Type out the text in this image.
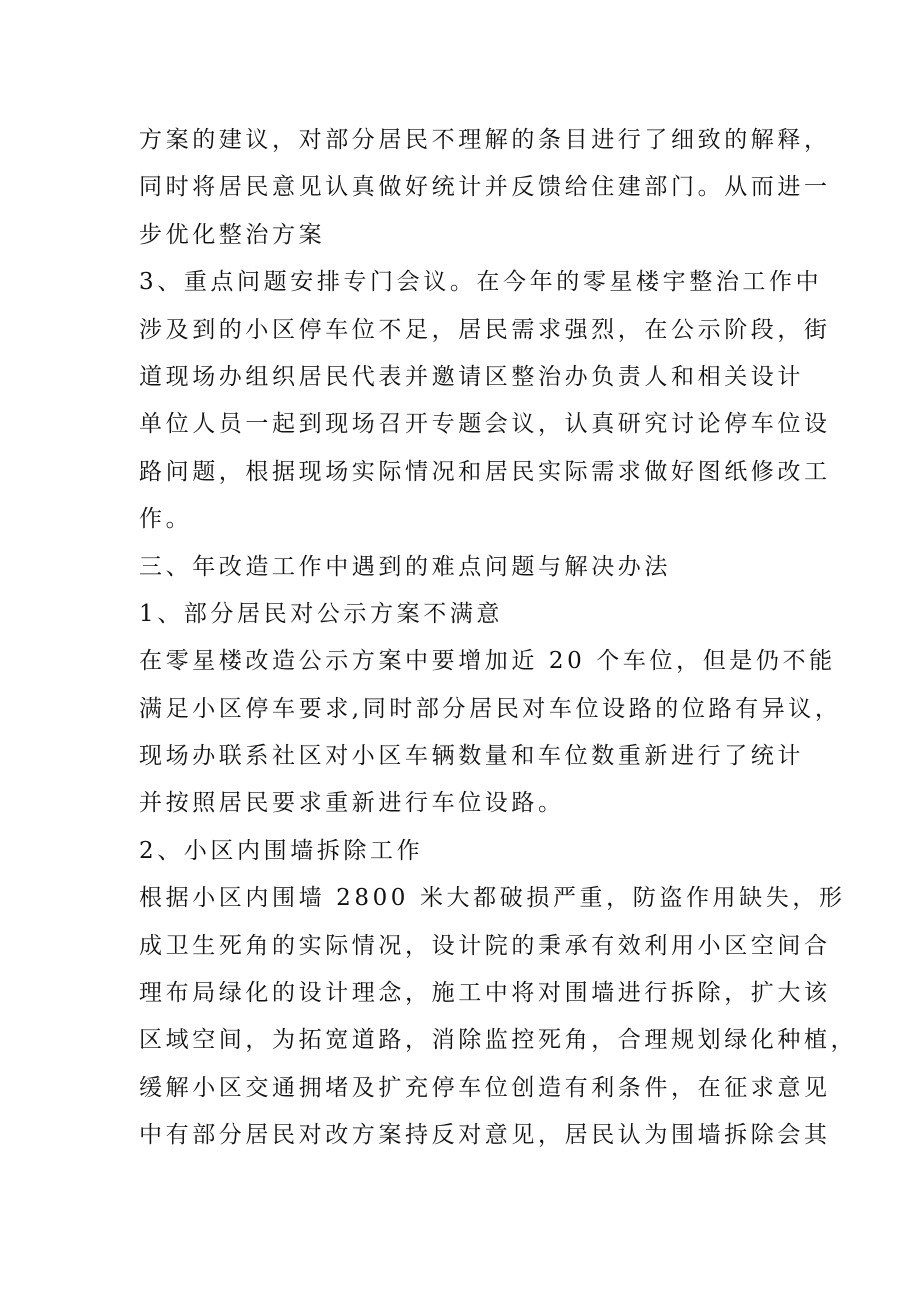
方案的建议，对部分居民不理解的条目进行了细致的解释，
同时将居民意见认真做好统计并反馈给住建部门。从而进一
步优化整治方案
3、重点问题安排专门会议。在今年的零星楼宇整治工作中
涉及到的小区停车位不足，居民需求强烈，在公示阶段，街
道现场办组织居民代表并邀请区整治办负责人和相关设计
单位人员一起到现场召开专题会议，认真研究讨论停车位设
路问题，根据现场实际情况和居民实际需求做好图纸修改工
作。
三、年改造工作中遇到的难点问题与解决办法
1、部分居民对公示方案不满意
在零星楼改造公示方案中要增加近 20 个车位，但是仍不能
满足小区停车要求,同时部分居民对车位设路的位路有异议，
现场办联系社区对小区车辆数量和车位数重新进行了统计
并按照居民要求重新进行车位设路。
2、小区内围墙拆除工作
根据小区内围墙 2800 米大都破损严重，防盗作用缺失，形
成卫生死角的实际情况，设计院的秉承有效利用小区空间合
理布局绿化的设计理念，施工中将对围墙进行拆除，扩大该
区域空间，为拓宽道路，消除监控死角，合理规划绿化种植，
缓解小区交通拥堵及扩充停车位创造有利条件，在征求意见
中有部分居民对改方案持反对意见，居民认为围墙拆除会其
